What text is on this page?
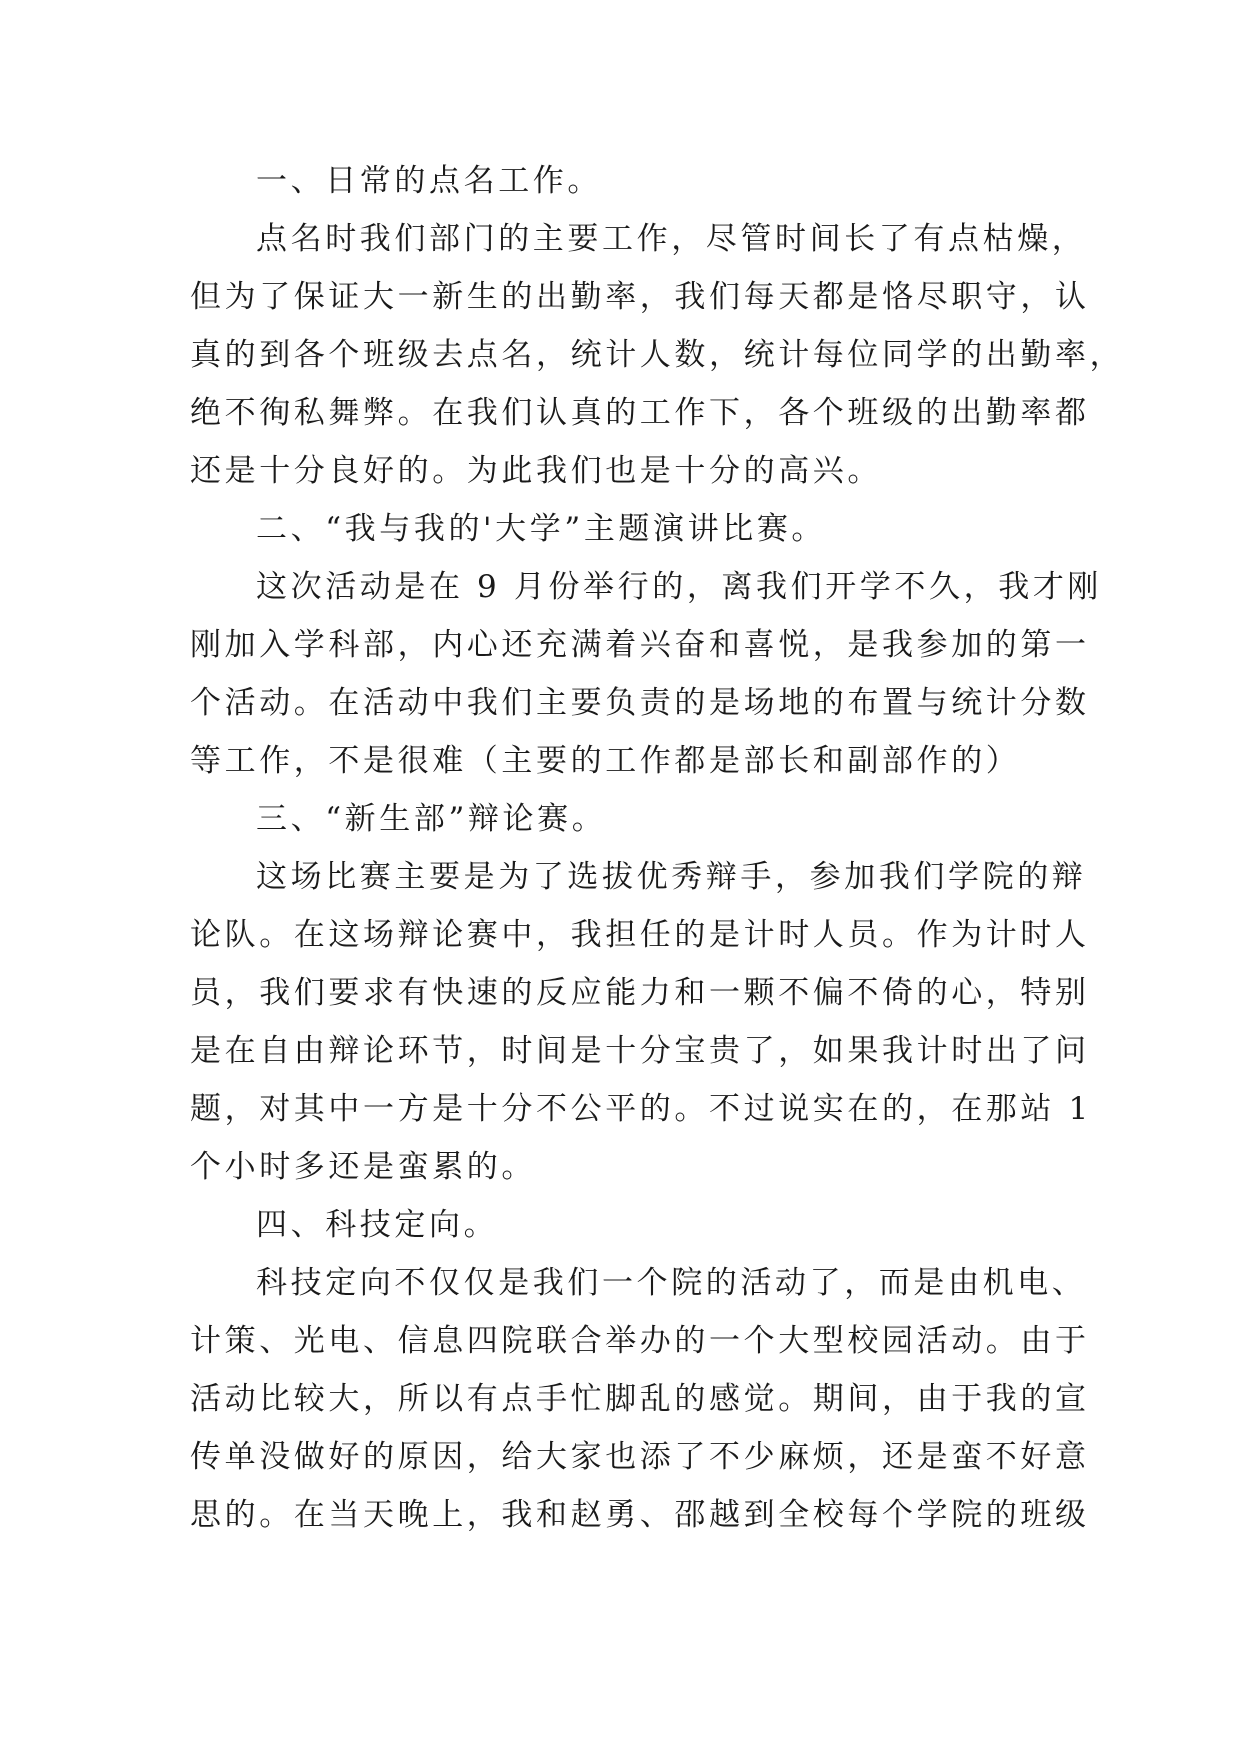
一、日常的点名工作。
点名时我们部门的主要工作，尽管时间长了有点枯燥，
但为了保证大一新生的出勤率，我们每天都是恪尽职守，认
真的到各个班级去点名，统计人数，统计每位同学的出勤率，
绝不徇私舞弊。在我们认真的工作下，各个班级的出勤率都
还是十分良好的。为此我们也是十分的高兴。
二、“我与我的'大学”主题演讲比赛。
这次活动是在 9 月份举行的，离我们开学不久，我才刚
刚加入学科部，内心还充满着兴奋和喜悦，是我参加的第一
个活动。在活动中我们主要负责的是场地的布置与统计分数
等工作，不是很难（主要的工作都是部长和副部作的）
三、“新生部”辩论赛。
这场比赛主要是为了选拔优秀辩手，参加我们学院的辩
论队。在这场辩论赛中，我担任的是计时人员。作为计时人
员，我们要求有快速的反应能力和一颗不偏不倚的心，特别
是在自由辩论环节，时间是十分宝贵了，如果我计时出了问
题，对其中一方是十分不公平的。不过说实在的，在那站 1
个小时多还是蛮累的。
四、科技定向。
科技定向不仅仅是我们一个院的活动了，而是由机电、
计策、光电、信息四院联合举办的一个大型校园活动。由于
活动比较大，所以有点手忙脚乱的感觉。期间，由于我的宣
传单没做好的原因，给大家也添了不少麻烦，还是蛮不好意
思的。在当天晚上，我和赵勇、邵越到全校每个学院的班级
